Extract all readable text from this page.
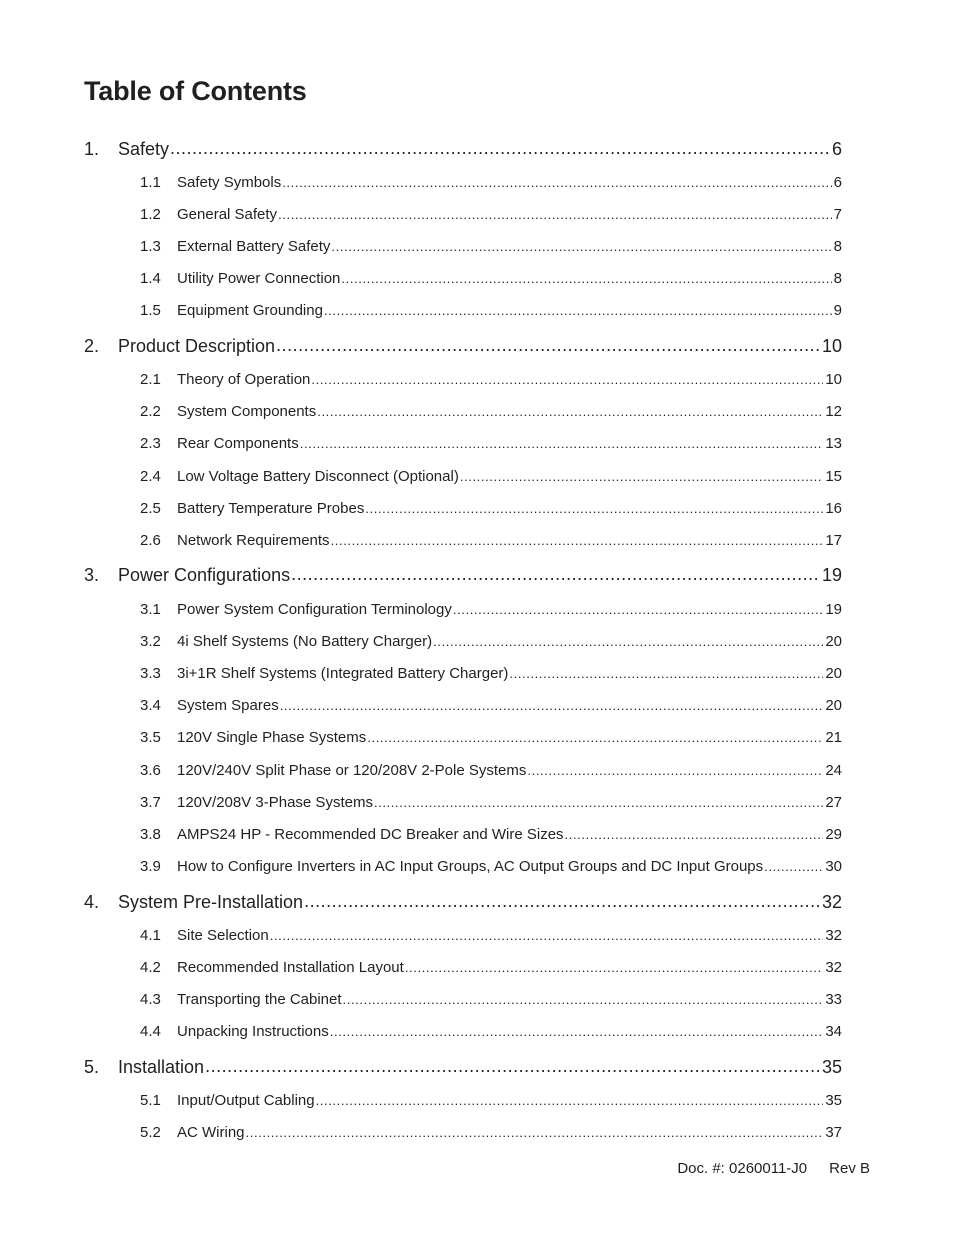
Table of Contents
1.	Safety .....	6
1.1	Safety Symbols .....	6
1.2	General Safety .....	7
1.3	External Battery Safety .....	8
1.4	Utility Power Connection .....	8
1.5	Equipment Grounding .....	9
2.	Product Description .....	10
2.1	Theory of Operation .....	10
2.2	System Components .....	12
2.3	Rear Components .....	13
2.4	Low Voltage Battery Disconnect (Optional) .....	15
2.5	Battery Temperature Probes .....	16
2.6	Network Requirements .....	17
3.	Power Configurations .....	19
3.1	Power System Configuration Terminology .....	19
3.2	4i Shelf Systems (No Battery Charger) .....	20
3.3	3i+1R Shelf Systems (Integrated Battery Charger) .....	20
3.4	System Spares .....	20
3.5	120V Single Phase Systems .....	21
3.6	120V/240V Split Phase or 120/208V 2-Pole Systems .....	24
3.7	120V/208V 3-Phase Systems .....	27
3.8	AMPS24 HP - Recommended DC Breaker and Wire Sizes .....	29
3.9	How to Configure Inverters in AC Input Groups, AC Output Groups and DC Input Groups .....	30
4.	System Pre-Installation .....	32
4.1	Site Selection .....	32
4.2	Recommended Installation Layout .....	32
4.3	Transporting the Cabinet .....	33
4.4	Unpacking Instructions .....	34
5.	Installation .....	35
5.1	Input/Output Cabling .....	35
5.2	AC Wiring .....	37
Doc. #: 0260011-J0 Rev B
